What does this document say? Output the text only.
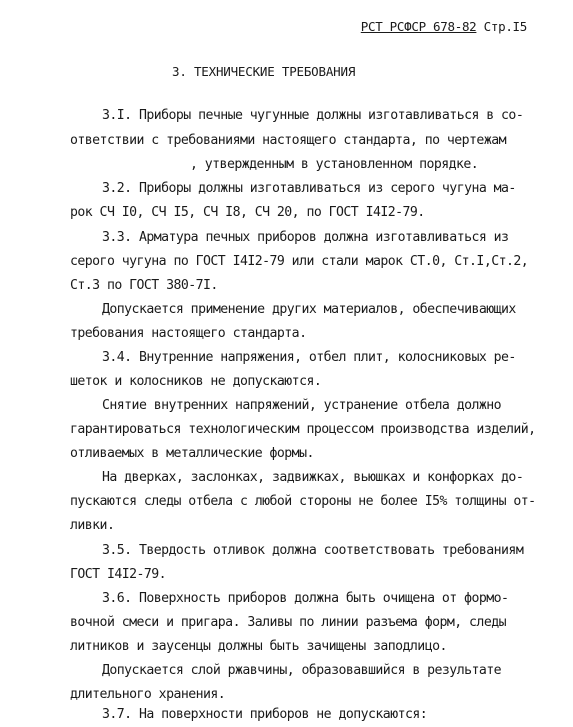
РСТ РСФСР 678-82 Стр.I5
3. ТЕХНИЧЕСКИЕ ТРЕБОВАНИЯ
3.I. Приборы печные чугунные должны изготавливаться в со-
ответствии с требованиями настоящего стандарта, по чертежам
, утвержденным в установленном порядке.
3.2. Приборы должны изготавливаться из серого чугуна ма-
рок СЧ I0, СЧ I5, СЧ I8, СЧ 20, по ГОСТ I4I2-79.
3.3. Арматура печных приборов должна изготавливаться из
серого чугуна по ГОСТ I4I2-79 или стали марок СТ.0, Ст.I,Ст.2,
Ст.3 по ГОСТ 380-7I.
Допускается применение других материалов, обеспечивающих
требования настоящего стандарта.
3.4. Внутренние напряжения, отбел плит, колосниковых ре-
шеток и колосников не допускаются.
Снятие внутренних напряжений, устранение отбела должно
гарантироваться технологическим процессом производства изделий,
отливаемых в металлические формы.
На дверках, заслонках, задвижках, вьюшках и конфорках до-
пускаются следы отбела с любой стороны не более I5% толщины от-
ливки.
3.5. Твердость отливок должна соответствовать требованиям
ГОСТ I4I2-79.
3.6. Поверхность приборов должна быть очищена от формо-
вочной смеси и пригара. Заливы по линии разъема форм, следы
литников и заусенцы должны быть зачищены заподлицо.
Допускается слой ржавчины, образовавшийся в результате
длительного хранения.
3.7. На поверхности приборов не допускаются:
